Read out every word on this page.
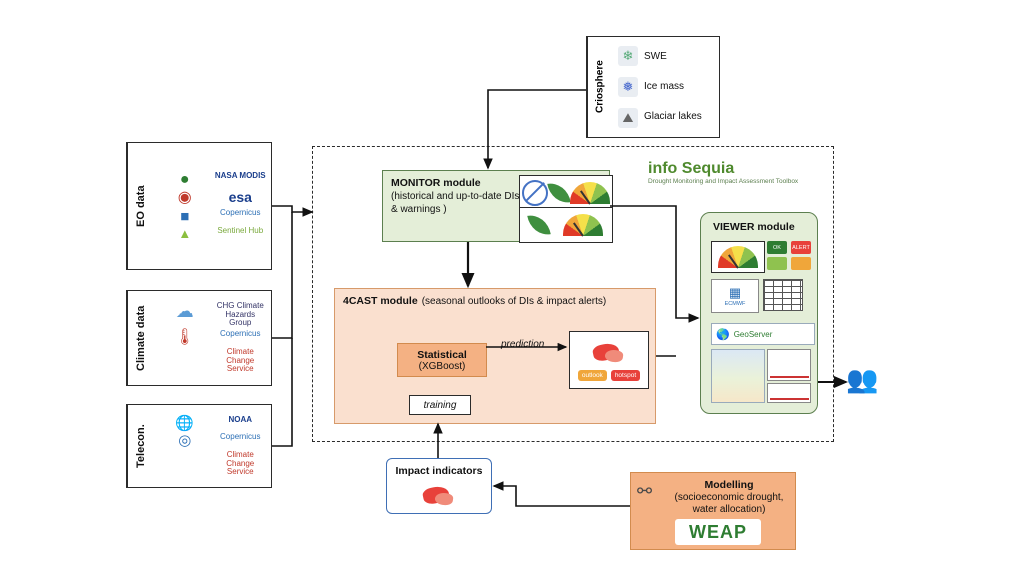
EO data
●	NASA MODIS
◉	esa
■	Copernicus
▲	Sentinel Hub
Climate data	☁	CHG Climate Hazards Group
🌡	Copernicus
Climate Change Service
Telecon.
🌐	NOAA
◎	Copernicus
Climate Change Service
Criosphere
❄	SWE
❅	Ice mass
⛰	Glaciar lakes
info Sequia
Drought Monitoring and Impact Assessment Toolbox
MONITOR module
(historical and up-to-date DIs & warnings )
4CAST module (seasonal outlooks of DIs & impact alerts)
Statistical
(XGBoost)
prediction
outlook	hotspot
training
VIEWER module
OK	ALERT
▦
ECMWF
🌎 GeoServer
Impact indicators
⚯	Modelling
(socioeconomic drought, water allocation)
WEAP
👥
